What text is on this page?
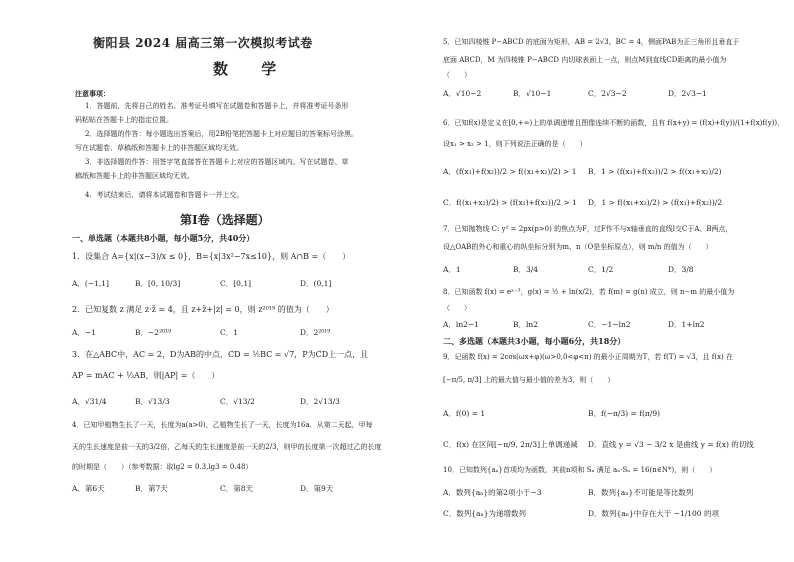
衡阳县 2024 届高三第一次模拟考试卷
数 学
注意事项：
1．答题前，先将自己的姓名、准考证号填写在试题卷和答题卡上，并将准考证号条形
码粘贴在答题卡上的指定位置。
2．选择题的作答：每小题选出答案后，用2B铅笔把答题卡上对应题目的答案标号涂黑。
写在试题卷、草稿纸和答题卡上的非答题区域均无效。
3．非选择题的作答：用签字笔直接答在答题卡上对应的答题区域内。写在试题卷、草
稿纸和答题卡上的非答题区域均无效。
4．考试结束后，请将本试题卷和答题卡一并上交。
第Ⅰ卷（选择题）
一、单选题（本题共8小题，每小题5分，共40分）
1．设集合 A={x|(x−3)/x ≤ 0}，B={x|3x²−7x≤10}，则 A∩B =（　　）
A．(−1,1]	B．[0, 10/3]	C．[0,1]	D．(0,1]
2．已知复数 z 满足 z·z̄ = 4，且 z+z̄+|z| = 0，则 z²⁰¹⁹ 的值为（　　）
A．−1	B．−2²⁰¹⁹	C．1	D．2²⁰¹⁹
3．在△ABC中，AC = 2，D为AB的中点，CD = ½BC = √7，P为CD上一点，且
AP = mAC + ⅓AB，则|AP| =（　　）
A．√31/4	B．√13/3	C．√13/2	D．2√13/3
4．已知甲植物生长了一天，长度为a(a>0)，乙植物生长了一天，长度为16a．从第二天起，甲每
天的生长速度是前一天的3/2倍，乙每天的生长速度是前一天的2/3，则甲的长度第一次超过乙的长度
的时期是（　　）（参考数据：取lg2 = 0.3,lg3 = 0.48）
A．第6天	B．第7天	C．第8天	D．第9天
5．已知四棱锥 P−ABCD 的底面为矩形，AB = 2√3，BC = 4，侧面PAB为正三角形且垂直于
底面 ABCD，M 为四棱锥 P−ABCD 内切球表面上一点，则点M到直线CD距离的最小值为
（　　）
A．√10−2	B．√10−1	C．2√3−2	D．2√3−1
6．已知f(x)是定义在[0,+∞)上的单调递增且图像连续不断的函数，且有 f(x+y) = (f(x)+f(y))/(1+f(x)f(y))，
设x₁ > x₂ > 1，则下列说法正确的是（　　）
A．(f(x₁)+f(x₂))/2 > f((x₁+x₂)/2) > 1 B．1 > (f(x₁)+f(x₂))/2 > f((x₁+x₂)/2)
C．f((x₁+x₂)/2) > (f(x₁)+f(x₂))/2 > 1 D．1 > f((x₁+x₂)/2) > (f(x₁)+f(x₂))/2
7．已知抛物线 C: y² = 2px(p>0) 的焦点为F，过F作不与x轴垂直的直线l交C于A、B两点，
设△OAB的外心和重心的纵坐标分别为m、n（O是坐标原点），则 m/n 的值为（　　）
A．1	B．3/4	C．1/2	D．3/8
8．已知函数 f(x) = eˣ⁻³，g(x) = ½ + ln(x/2)，若 f(m) = g(n) 成立，则 n−m 的最小值为
（　　）
A．ln2−1	B．ln2	C．−1−ln2	D．1+ln2
二、多选题（本题共3小题，每小题6分，共18分）
9．记函数 f(x) = 2cos(ωx+φ)(ω>0,0<φ<π) 的最小正周期为T，若 f(T) = √3，且 f(x) 在
[−π/5, π/3] 上的最大值与最小值的差为3，则（　　）
A．f(0) = 1	B．f(−π/3) = f(π/9)
C．f(x) 在区间[−π/9, 2π/3]上单调递减 D．直线 y = √3 − 3/2 x 是曲线 y = f(x) 的切线
10．已知数列{aₙ}首项均为函数，其前n项和 Sₙ 满足 aₙ·Sₙ = 16(n∈N*)，则（　　）
A．数列{aₙ}的第2项小于−3	B．数列{aₙ}不可能是等比数列
C．数列{aₙ}为递增数列	D．数列{aₙ}中存在大于 −1/100 的项
